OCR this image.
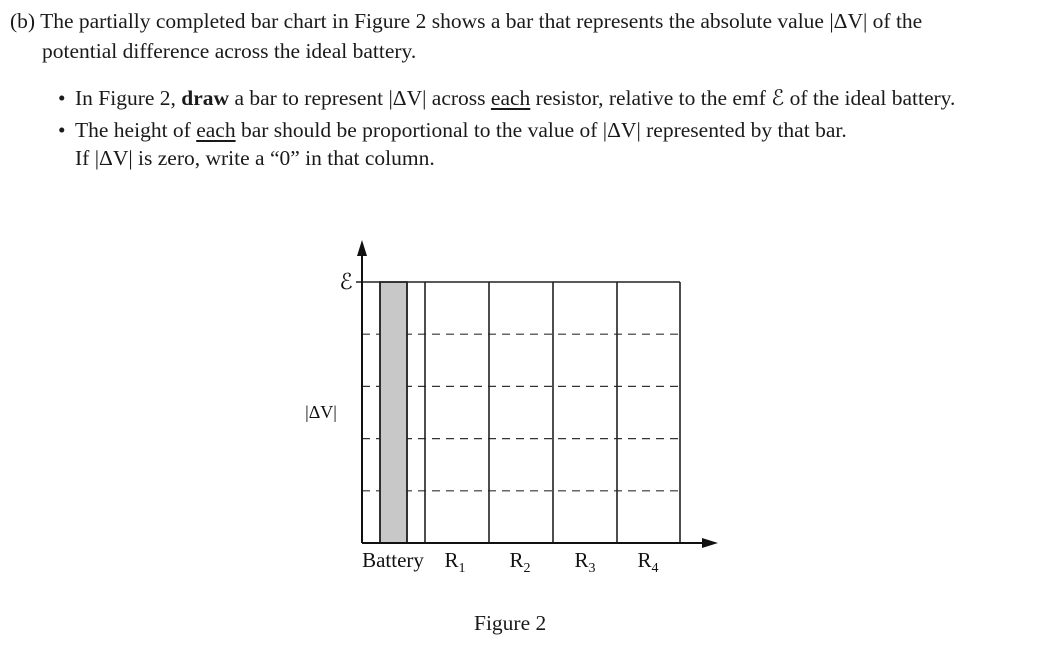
(b) The partially completed bar chart in Figure 2 shows a bar that represents the absolute value |ΔV| of the
potential difference across the ideal battery.
• In Figure 2, draw a bar to represent |ΔV| across each resistor, relative to the emf ℰ of the ideal battery.
• The height of each bar should be proportional to the value of |ΔV| represented by that bar.
If |ΔV| is zero, write a “0” in that column.
ℰ
|ΔV|
Battery $R_1$ $R_2$ $R_3$ $R_4$
Figure 2
